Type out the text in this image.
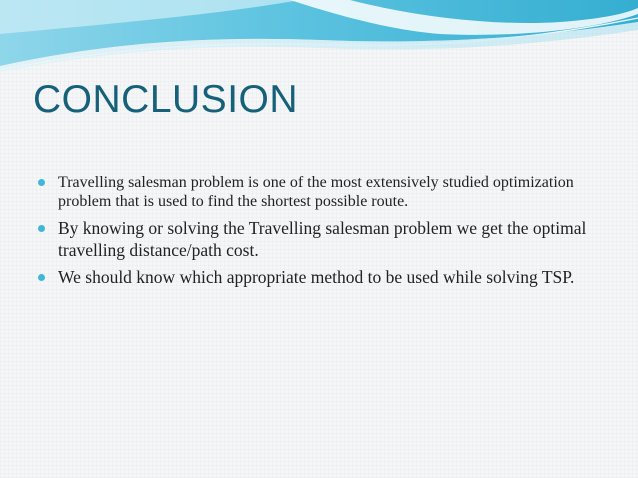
CONCLUSION
Travelling salesman problem is one of the most extensively studied optimization problem that is used to find the shortest possible route.
By knowing or solving the Travelling salesman problem we get the optimal travelling distance/path cost.
We should know which appropriate method to be used while solving TSP.
